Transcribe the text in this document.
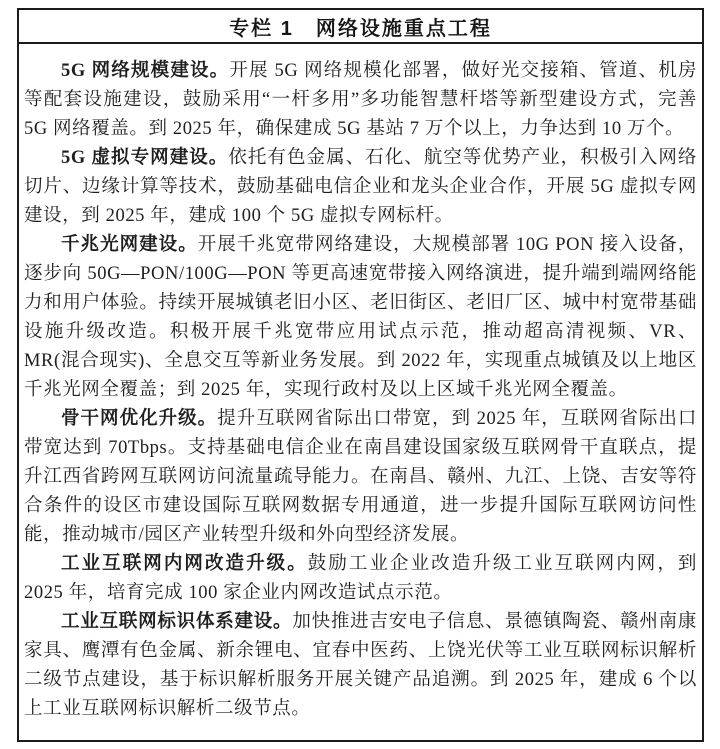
专栏 1　网络设施重点工程

5G 网络规模建设。开展 5G 网络规模化部署，做好光交接箱、管道、机房等配套设施建设，鼓励采用“一杆多用”多功能智慧杆塔等新型建设方式，完善 5G 网络覆盖。到 2025 年，确保建成 5G 基站 7 万个以上，力争达到 10 万个。

5G 虚拟专网建设。依托有色金属、石化、航空等优势产业，积极引入网络切片、边缘计算等技术，鼓励基础电信企业和龙头企业合作，开展 5G 虚拟专网建设，到 2025 年，建成 100 个 5G 虚拟专网标杆。

千兆光网建设。开展千兆宽带网络建设，大规模部署 10G PON 接入设备，逐步向 50G—PON/100G—PON 等更高速宽带接入网络演进，提升端到端网络能力和用户体验。持续开展城镇老旧小区、老旧街区、老旧厂区、城中村宽带基础设施升级改造。积极开展千兆宽带应用试点示范，推动超高清视频、VR、MR(混合现实)、全息交互等新业务发展。到 2022 年，实现重点城镇及以上地区千兆光网全覆盖；到 2025 年，实现行政村及以上区域千兆光网全覆盖。

骨干网优化升级。提升互联网省际出口带宽，到 2025 年，互联网省际出口带宽达到 70Tbps。支持基础电信企业在南昌建设国家级互联网骨干直联点，提升江西省跨网互联网访问流量疏导能力。在南昌、赣州、九江、上饶、吉安等符合条件的设区市建设国际互联网数据专用通道，进一步提升国际互联网访问性能，推动城市/园区产业转型升级和外向型经济发展。

工业互联网内网改造升级。鼓励工业企业改造升级工业互联网内网，到 2025 年，培育完成 100 家企业内网改造试点示范。

工业互联网标识体系建设。加快推进吉安电子信息、景德镇陶瓷、赣州南康家具、鹰潭有色金属、新余锂电、宜春中医药、上饶光伏等工业互联网标识解析二级节点建设，基于标识解析服务开展关键产品追溯。到 2025 年，建成 6 个以上工业互联网标识解析二级节点。
